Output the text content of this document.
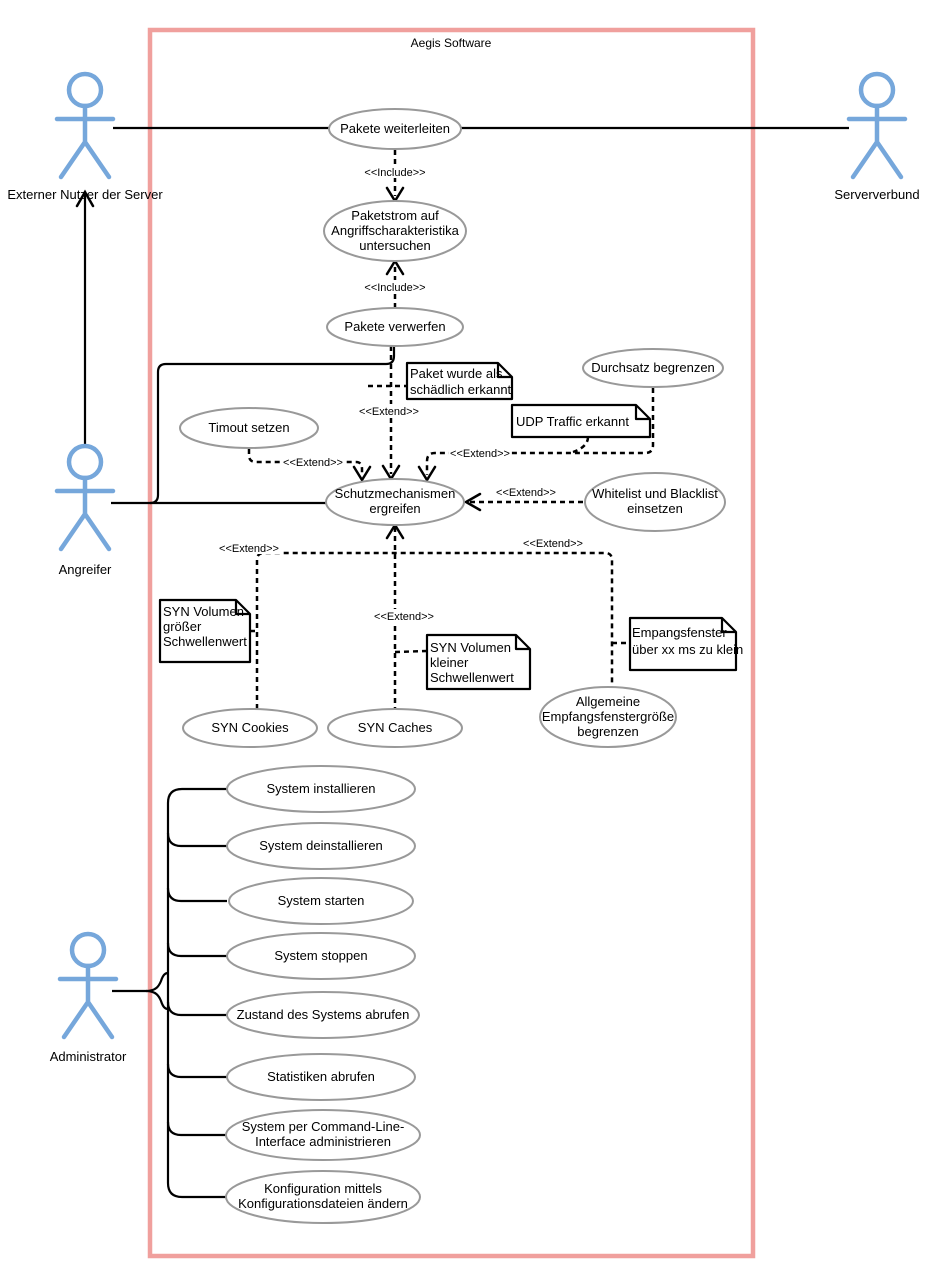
Aegis Software
<<Include>>
<<Include>>
<<Extend>>
<<Extend>>
<<Extend>>
<<Extend>>
<<Extend>>
<<Extend>>
<<Extend>>
Pakete weiterleiten
Paketstrom auf
Angriffscharakteristika
untersuchen
Pakete verwerfen
Timout setzen
Durchsatz begrenzen
Schutzmechanismen
ergreifen
Whitelist und Blacklist
einsetzen
SYN Cookies	SYN Caches
Allgemeine
Empfangsfenstergröße
begrenzen
System installieren
System deinstallieren
System starten
System stoppen
Zustand des Systems abrufen
Statistiken abrufen
System per Command-Line-
Interface administrieren
Konfiguration mittels
Konfigurationsdateien ändern
Paket wurde als
schädlich erkannt
UDP Traffic erkannt
SYN Volumen
größer
Schwellenwert	SYN Volumen
kleiner
Schwellenwert
Empangsfenster
über xx ms zu klein
Externer Nutzer der Server	Serververbund
Angreifer
Administrator
